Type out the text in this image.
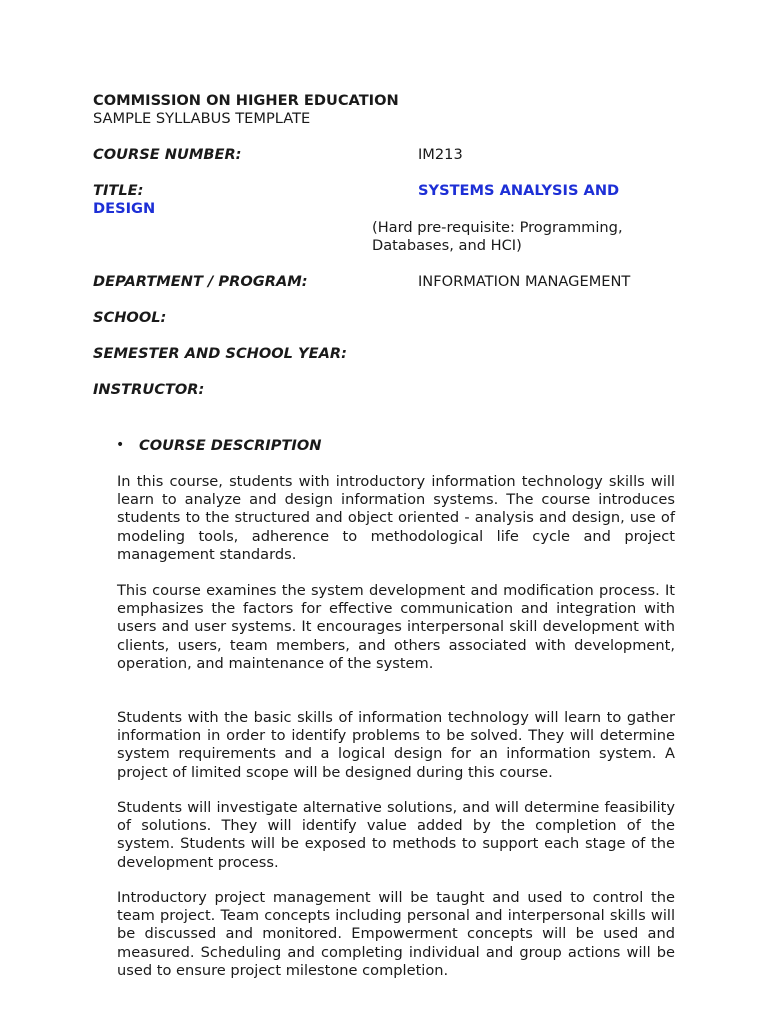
COMMISSION ON HIGHER EDUCATION
SAMPLE SYLLABUS TEMPLATE
COURSE NUMBER:	IM213
TITLE:	SYSTEMS ANALYSIS AND
DESIGN
(Hard pre-requisite: Programming,
Databases, and HCI)
DEPARTMENT / PROGRAM:	INFORMATION MANAGEMENT
SCHOOL:
SEMESTER AND SCHOOL YEAR:
INSTRUCTOR:
• COURSE DESCRIPTION

In this course, students with introductory information technology skills will learn to analyze and design information systems. The course introduces students to the structured and object oriented - analysis and design, use of modeling tools, adherence to methodological life cycle and project management standards.

This course examines the system development and modification process. It emphasizes the factors for effective communication and integration with users and user systems. It encourages interpersonal skill development with clients, users, team members, and others associated with development, operation, and maintenance of the system.

Students with the basic skills of information technology will learn to gather information in order to identify problems to be solved. They will determine system requirements and a logical design for an information system. A project of limited scope will be designed during this course.

Students will investigate alternative solutions, and will determine feasibility of solutions. They will identify value added by the completion of the system. Students will be exposed to methods to support each stage of the development process.

Introductory project management will be taught and used to control the team project. Team concepts including personal and interpersonal skills will be discussed and monitored. Empowerment concepts will be used and measured. Scheduling and completing individual and group actions will be used to ensure project milestone completion.
